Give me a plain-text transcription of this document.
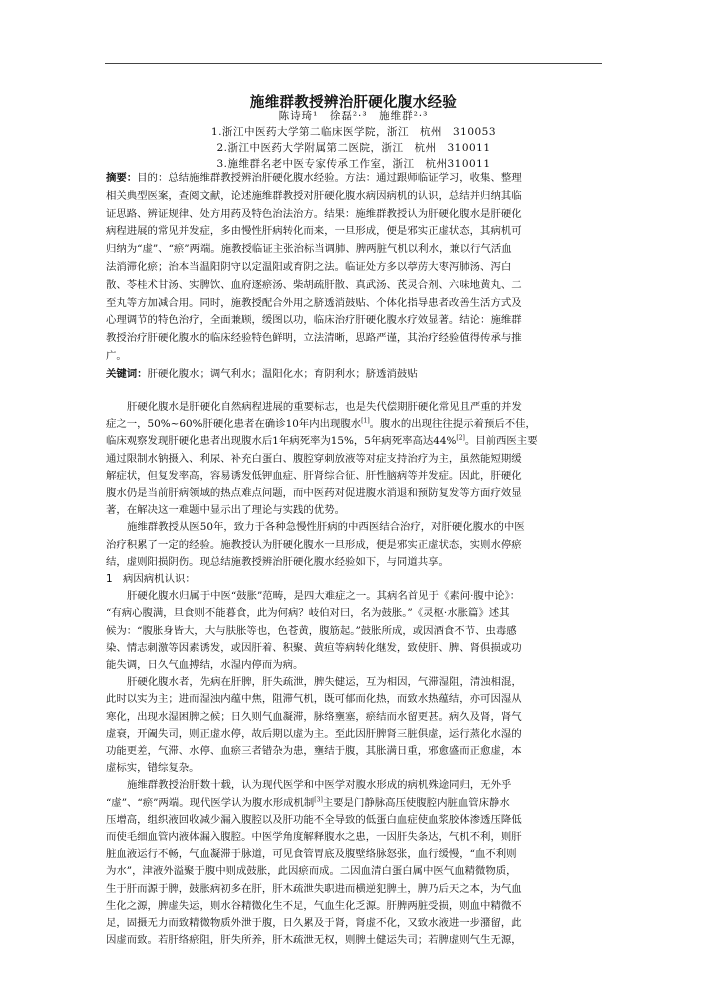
施维群教授辨治肝硬化腹水经验
陈诗琦¹　徐磊²·³　施维群²·³
1.浙江中医药大学第二临床医学院，浙江　杭州　310053
2.浙江中医药大学附属第二医院，浙江　杭州　310011
3.施维群名老中医专家传承工作室，浙江　杭州310011
摘要：目的：总结施维群教授辨治肝硬化腹水经验。方法：通过跟师临证学习，收集、整理
相关典型医案，查阅文献，论述施维群教授对肝硬化腹水病因病机的认识，总结并归纳其临
证思路、辨证规律、处方用药及特色治法治方。结果：施维群教授认为肝硬化腹水是肝硬化
病程进展的常见并发症，多由慢性肝病转化而来，一旦形成，便是邪实正虚状态，其病机可
归纳为“虚”、“瘀”两端。施教授临证主张治标当调肺、脾两脏气机以利水，兼以行气活血
法消滞化瘀；治本当温阳阴守以定温阳或育阴之法。临证处方多以葶苈大枣泻肺汤、泻白
散、苓桂术甘汤、实脾饮、血府逐瘀汤、柴胡疏肝散、真武汤、芪灵合剂、六味地黄丸、二
至丸等方加减合用。同时，施教授配合外用之脐透消鼓贴、个体化指导患者改善生活方式及
心理调节的特色治疗，全面兼顾，缓图以功，临床治疗肝硬化腹水疗效显著。结论：施维群
教授治疗肝硬化腹水的临床经验特色鲜明，立法清晰，思路严谨，其治疗经验值得传承与推
广。
关键词：肝硬化腹水；调气利水；温阳化水；育阴利水；脐透消鼓贴
肝硬化腹水是肝硬化自然病程进展的重要标志，也是失代偿期肝硬化常见且严重的并发
症之一，50%~60%肝硬化患者在确诊10年内出现腹水[1]。腹水的出现往往提示着预后不佳，
临床观察发现肝硬化患者出现腹水后1年病死率为15%，5年病死率高达44%[2]。目前西医主要
通过限制水钠摄入、利尿、补充白蛋白、腹腔穿刺放液等对症支持治疗为主，虽然能短期缓
解症状，但复发率高，容易诱发低钾血症、肝肾综合征、肝性脑病等并发症。因此，肝硬化
腹水仍是当前肝病领域的热点难点问题，而中医药对促进腹水消退和预防复发等方面疗效显
著，在解决这一难题中显示出了理论与实践的优势。
施维群教授从医50年，致力于各种急慢性肝病的中西医结合治疗，对肝硬化腹水的中医
治疗积累了一定的经验。施教授认为肝硬化腹水一旦形成，便是邪实正虚状态，实则水停瘀
结，虚则阳损阴伤。现总结施教授辨治肝硬化腹水经验如下，与同道共享。
1　病因病机认识：
肝硬化腹水归属于中医“鼓胀”范畴，是四大难症之一。其病名首见于《素问·腹中论》：
“有病心腹满，旦食则不能暮食，此为何病？岐伯对曰，名为鼓胀。”《灵枢·水胀篇》述其
候为：“腹胀身皆大，大与肤胀等也，色苍黄，腹筋起。”鼓胀所成，或因酒食不节、虫毒感
染、情志刺激等因素诱发，或因肝着、积聚、黄疸等病转化继发，致使肝、脾、肾俱损或功
能失调，日久气血搏结，水湿内停而为病。
肝硬化腹水者，先病在肝脾，肝失疏泄，脾失健运，互为相因，气滞湿阻，清浊相混，
此时以实为主；进而湿浊内蕴中焦，阻滞气机，既可郁而化热，而致水热蕴结，亦可因湿从
寒化，出现水湿困脾之候；日久则气血凝滞，脉络壅塞，瘀结而水留更甚。病久及肾，肾气
虚衰，开阖失司，则正虚水停，故后期以虚为主。至此因肝脾肾三脏俱虚，运行蒸化水湿的
功能更差，气滞、水停、血瘀三者错杂为患，壅结于腹，其胀满日重，邪愈盛而正愈虚，本
虚标实，错综复杂。
施维群教授治肝数十载，认为现代医学和中医学对腹水形成的病机殊途同归，无外乎
“虚”、“瘀”两端。现代医学认为腹水形成机制[3]主要是门静脉高压使腹腔内脏血管床静水
压增高，组织液回收减少漏入腹腔以及肝功能不全导致的低蛋白血症使血浆胶体渗透压降低
而使毛细血管内液体漏入腹腔。中医学角度解释腹水之患，一因肝失条达，气机不利，则肝
脏血液运行不畅，气血凝滞于脉道，可见食管胃底及腹壁络脉怒张，血行缓慢，“血不利则
为水”，津液外溢聚于腹中则成鼓胀，此因瘀而成。二因血清白蛋白属中医气血精微物质，
生于肝而源于脾，鼓胀病初多在肝，肝木疏泄失职进而横逆犯脾土，脾乃后天之本，为气血
生化之源，脾虚失运，则水谷精微化生不足，气血生化乏源。肝脾两脏受损，则血中精微不
足，固摄无力而致精微物质外泄于腹，日久累及于肾，肾虚不化，又致水液进一步潴留，此
因虚而致。若肝络瘀阻，肝失所养，肝木疏泄无权，则脾土健运失司；若脾虚则气生无源，
